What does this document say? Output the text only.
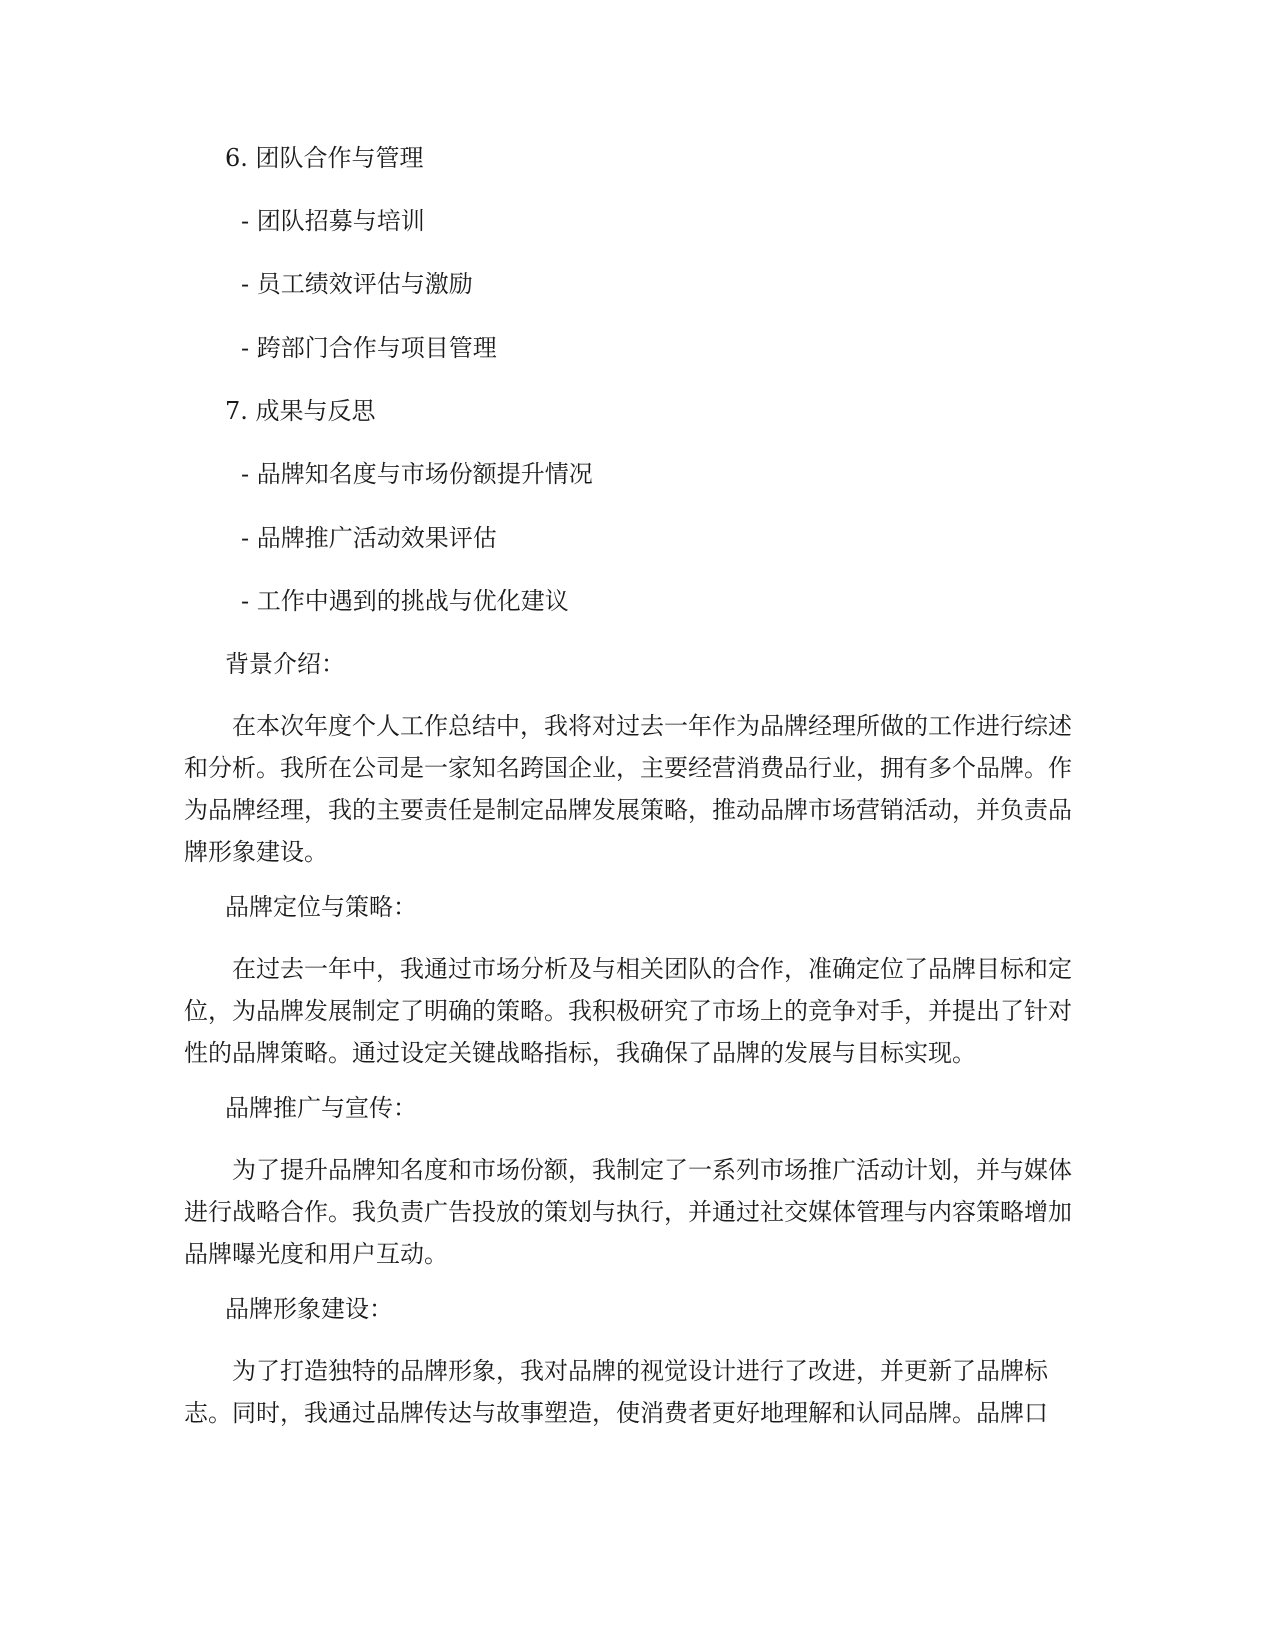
6. 团队合作与管理

- 团队招募与培训

- 员工绩效评估与激励

- 跨部门合作与项目管理

7. 成果与反思

- 品牌知名度与市场份额提升情况

- 品牌推广活动效果评估

- 工作中遇到的挑战与优化建议

背景介绍：

在本次年度个人工作总结中，我将对过去一年作为品牌经理所做的工作进行综述和分析。我所在公司是一家知名跨国企业，主要经营消费品行业，拥有多个品牌。作为品牌经理，我的主要责任是制定品牌发展策略，推动品牌市场营销活动，并负责品牌形象建设。

品牌定位与策略：

在过去一年中，我通过市场分析及与相关团队的合作，准确定位了品牌目标和定位，为品牌发展制定了明确的策略。我积极研究了市场上的竞争对手，并提出了针对性的品牌策略。通过设定关键战略指标，我确保了品牌的发展与目标实现。

品牌推广与宣传：

为了提升品牌知名度和市场份额，我制定了一系列市场推广活动计划，并与媒体进行战略合作。我负责广告投放的策划与执行，并通过社交媒体管理与内容策略增加品牌曝光度和用户互动。

品牌形象建设：

为了打造独特的品牌形象，我对品牌的视觉设计进行了改进，并更新了品牌标志。同时，我通过品牌传达与故事塑造，使消费者更好地理解和认同品牌。品牌口
